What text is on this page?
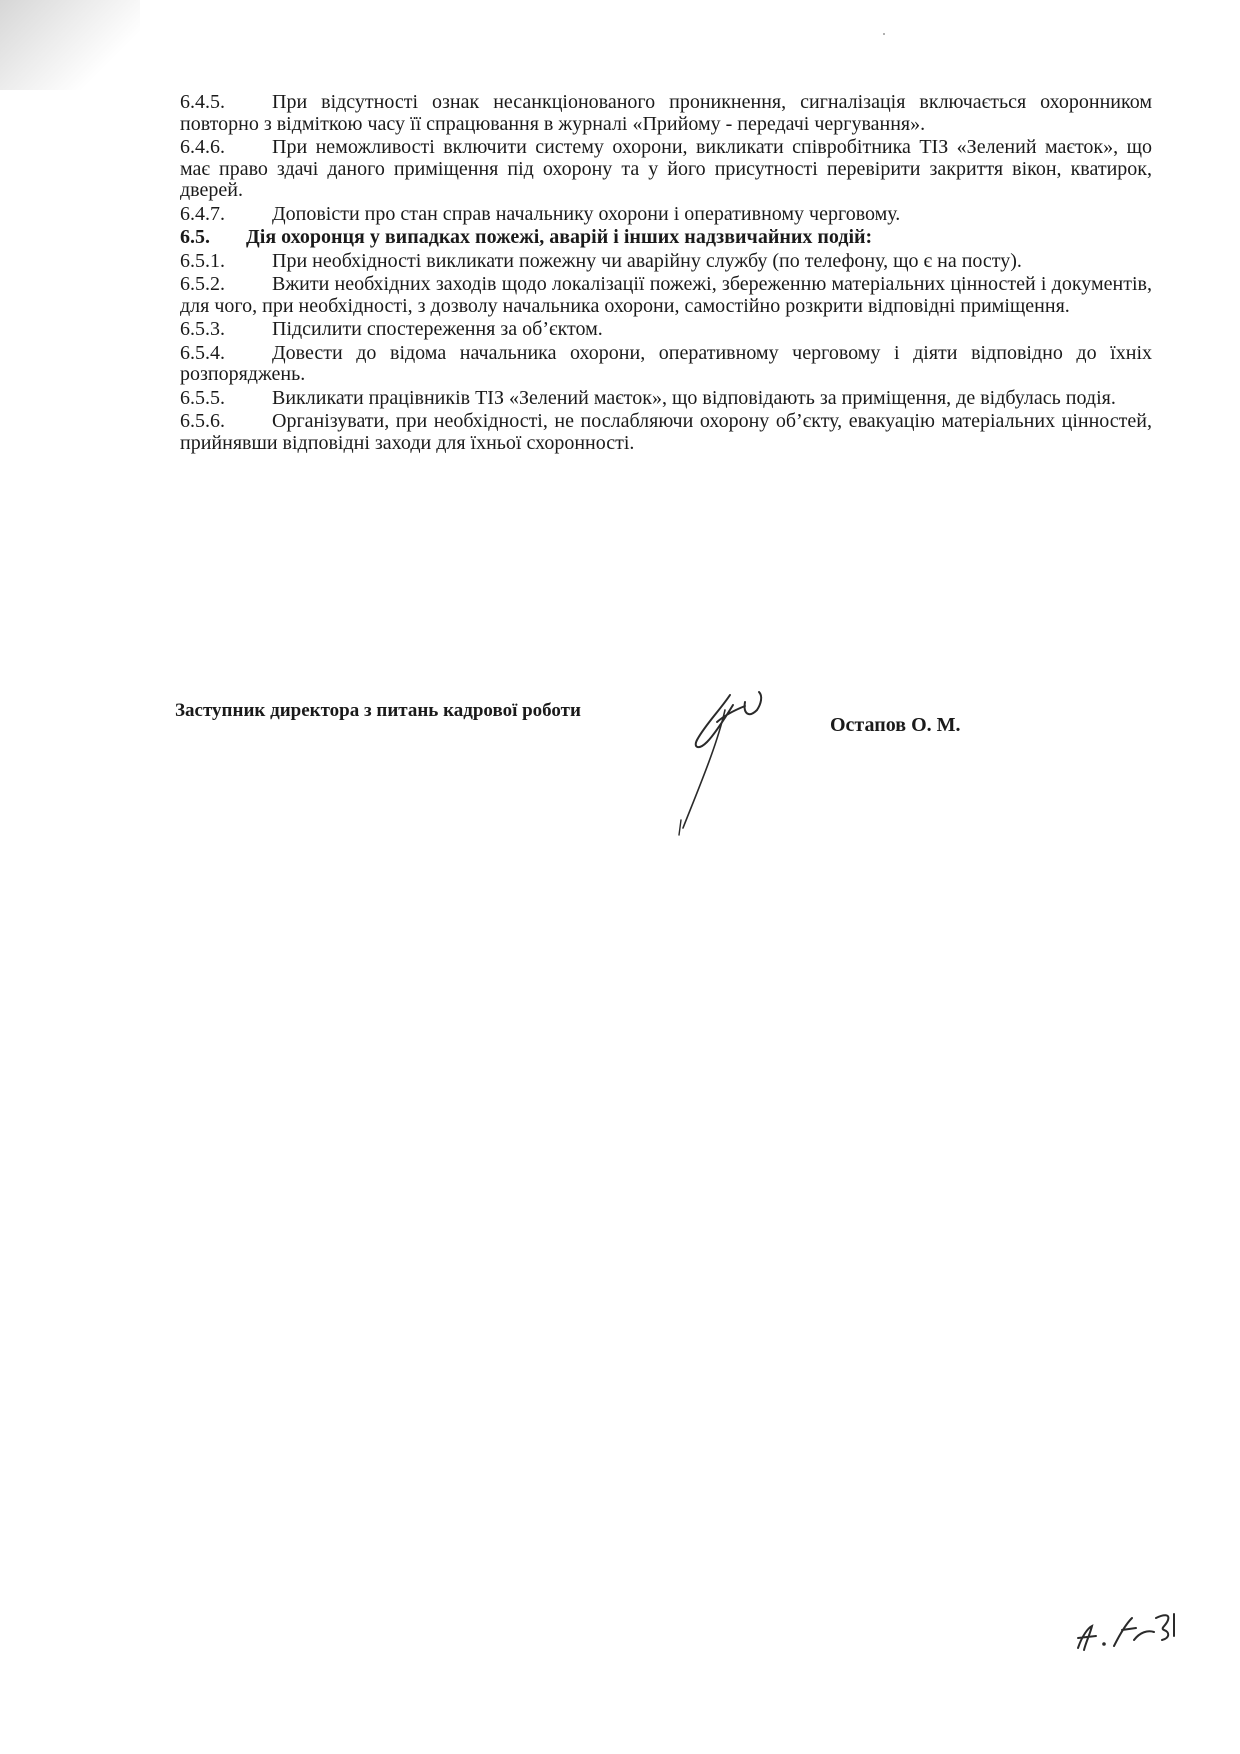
6.4.5. При відсутності ознак несанкціонованого проникнення, сигналізація включається охоронником повторно з відміткою часу її спрацювання в журналі «Прийому - передачі чергування».

6.4.6. При неможливості включити систему охорони, викликати співробітника ТІЗ «Зелений маєток», що має право здачі даного приміщення під охорону та у його присутності перевірити закриття вікон, кватирок, дверей.

6.4.7. Доповісти про стан справ начальнику охорони і оперативному черговому.

6.5. Дія охоронця у випадках пожежі, аварій і інших надзвичайних подій:

6.5.1. При необхідності викликати пожежну чи аварійну службу (по телефону, що є на посту).

6.5.2. Вжити необхідних заходів щодо локалізації пожежі, збереженню матеріальних цінностей і документів, для чого, при необхідності, з дозволу начальника охорони, самостійно розкрити відповідні приміщення.

6.5.3. Підсилити спостереження за об’єктом.

6.5.4. Довести до відома начальника охорони, оперативному черговому і діяти відповідно до їхніх розпоряджень.

6.5.5. Викликати працівників ТІЗ «Зелений маєток», що відповідають за приміщення, де відбулась подія.

6.5.6. Організувати, при необхідності, не послабляючи охорону об’єкту, евакуацію матеріальних цінностей, прийнявши відповідні заходи для їхньої схоронності.

Заступник директора з питань кадрової роботи
Остапов О. М.
